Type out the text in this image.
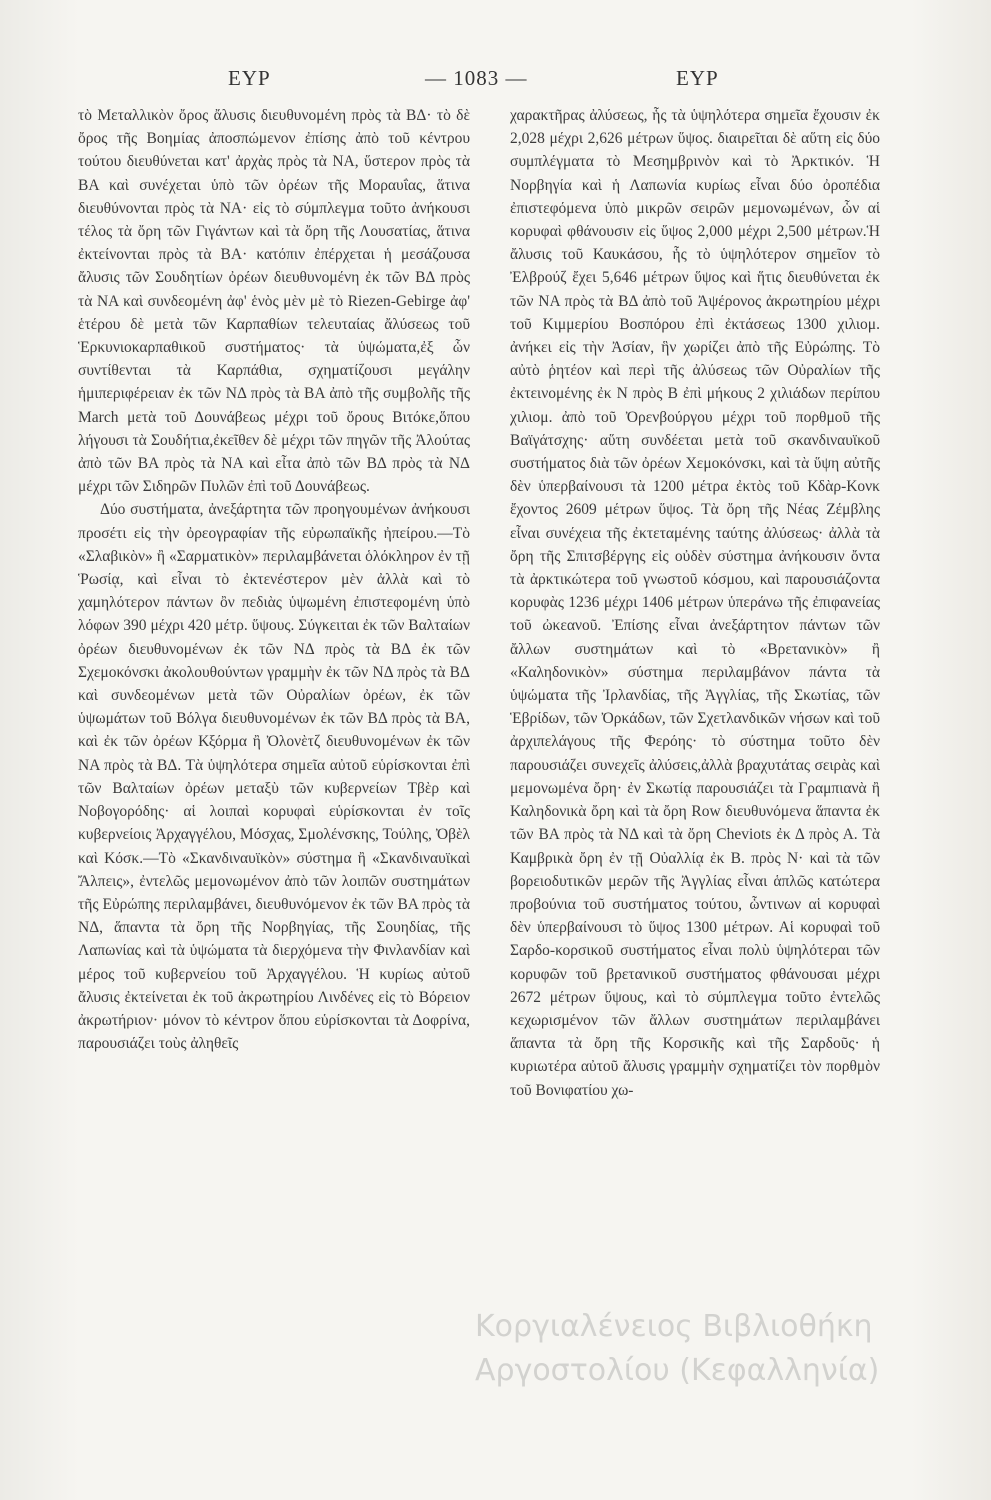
ΕΥΡ	— 1083 —	ΕΥΡ

τὸ Μεταλλικὸν ὄρος ἄλυσις διευθυνομένη πρὸς τὰ ΒΔ· τὸ δὲ ὄρος τῆς Βοημίας ἀποσπώμενον ἐπίσης ἀπὸ τοῦ κέντρου τούτου διευθύνεται κατ' ἀρχὰς πρὸς τὰ ΝΑ, ὕστερον πρὸς τὰ ΒΑ καὶ συνέχεται ὑπὸ τῶν ὀρέων τῆς Μοραυΐας, ἅτινα διευθύνονται πρὸς τὰ ΝΑ· εἰς τὸ σύμπλεγμα τοῦτο ἀνήκουσι τέλος τὰ ὄρη τῶν Γιγάντων καὶ τὰ ὄρη τῆς Λουσατίας, ἅτινα ἐκτείνονται πρὸς τὰ ΒΑ· κατόπιν ἐπέρχεται ἡ μεσάζουσα ἄλυσις τῶν Σουδητίων ὀρέων διευθυνομένη ἐκ τῶν ΒΔ πρὸς τὰ ΝΑ καὶ συνδεομένη ἀφ' ἑνὸς μὲν μὲ τὸ Riezen-Gebirge ἀφ' ἑτέρου δὲ μετὰ τῶν Καρπαθίων τελευταίας ἄλύσεως τοῦ Ἑρκυνιοκαρπαθικοῦ συστήματος· τὰ ὑψώματα,ἐξ ὧν συντίθενται τὰ Καρπάθια, σχηματίζουσι μεγάλην ἡμιπεριφέρειαν ἐκ τῶν ΝΔ πρὸς τὰ ΒΑ ἀπὸ τῆς συμβολῆς τῆς March μετὰ τοῦ Δουνάβεως μέχρι τοῦ ὄρους Βιτόκε,ὅπου λήγουσι τὰ Σουδήτια,ἐκεῖθεν δὲ μέχρι τῶν πηγῶν τῆς Ἀλούτας ἀπὸ τῶν ΒΑ πρὸς τὰ ΝΑ καὶ εἶτα ἀπὸ τῶν ΒΔ πρὸς τὰ ΝΔ μέχρι τῶν Σιδηρῶν Πυλῶν ἐπὶ τοῦ Δουνάβεως.

Δύο συστήματα, ἀνεξάρτητα τῶν προηγουμένων ἀνήκουσι προσέτι εἰς τὴν ὀρεογραφίαν τῆς εὐρωπαϊκῆς ἠπείρου.—Τὸ «Σλαβικὸν» ἢ «Σαρματικὸν» περιλαμβάνεται ὁλόκληρον ἐν τῇ Ῥωσίᾳ, καὶ εἶναι τὸ ἐκτενέστερον μὲν ἀλλὰ καὶ τὸ χαμηλότερον πάντων ὂν πεδιὰς ὑψωμένη ἐπιστεφομένη ὑπὸ λόφων 390 μέχρι 420 μέτρ. ὕψους. Σύγκειται ἐκ τῶν Βαλταίων ὀρέων διευθυνομένων ἐκ τῶν ΝΔ πρὸς τὰ ΒΔ ἐκ τῶν Σχεμοκόνσκι ἀκολουθούντων γραμμὴν ἐκ τῶν ΝΔ πρὸς τὰ ΒΔ καὶ συνδεομένων μετὰ τῶν Οὐραλίων ὀρέων, ἐκ τῶν ὑψωμάτων τοῦ Βόλγα διευθυνομένων ἐκ τῶν ΒΔ πρὸς τὰ ΒΑ, καὶ ἐκ τῶν ὀρέων Κξόρμα ἢ Ὀλονὲτζ διευθυνομένων ἐκ τῶν ΝΑ πρὸς τὰ ΒΔ. Τὰ ὑψηλότερα σημεῖα αὐτοῦ εὑρίσκονται ἐπὶ τῶν Βαλταίων ὀρέων μεταξὺ τῶν κυβερνείων Τβὲρ καὶ Νοβογορόδης· αἱ λοιπαὶ κορυφαὶ εὑρίσκονται ἐν τοῖς κυβερνείοις Ἀρχαγγέλου, Μόσχας, Σμολένσκης, Τούλης, Ὀβὲλ καὶ Κόσκ.—Τὸ «Σκανδιναυϊκὸν» σύστημα ἢ «Σκανδιναυϊκαὶ Ἄλπεις», ἐντελῶς μεμονωμένον ἀπὸ τῶν λοιπῶν συστημάτων τῆς Εὐρώπης περιλαμβάνει, διευθυνόμενον ἐκ τῶν ΒΑ πρὸς τὰ ΝΔ, ἅπαντα τὰ ὄρη τῆς Νορβηγίας, τῆς Σουηδίας, τῆς Λαπωνίας καὶ τὰ ὑψώματα τὰ διερχόμενα τὴν Φινλανδίαν καὶ μέρος τοῦ κυβερνείου τοῦ Ἀρχαγγέλου. Ἡ κυρίως αὐτοῦ ἄλυσις ἐκτείνεται ἐκ τοῦ ἀκρωτηρίου Λινδένες εἰς τὸ Βόρειον ἀκρωτήριον· μόνον τὸ κέντρον ὅπου εὑρίσκονται τὰ Δοφρίνα, παρουσιάζει τοὺς ἀληθεῖς

χαρακτῆρας ἀλύσεως, ἧς τὰ ὑψηλότερα σημεῖα ἔχουσιν ἐκ 2,028 μέχρι 2,626 μέτρων ὕψος. διαιρεῖται δὲ αὕτη εἰς δύο συμπλέγματα τὸ Μεσημβρινὸν καὶ τὸ Ἀρκτικόν. Ἡ Νορβηγία καὶ ἡ Λαπωνία κυρίως εἶναι δύο ὀροπέδια ἐπιστεφόμενα ὑπὸ μικρῶν σειρῶν μεμονωμένων, ὧν αἱ κορυφαὶ φθάνουσιν εἰς ὕψος 2,000 μέχρι 2,500 μέτρων.Ἡ ἄλυσις τοῦ Καυκάσου, ἧς τὸ ὑψηλότερον σημεῖον τὸ Ἐλβρούζ ἔχει 5,646 μέτρων ὕψος καὶ ἥτις διευθύνεται ἐκ τῶν ΝΑ πρὸς τὰ ΒΔ ἀπὸ τοῦ Ἀψέρονος ἀκρωτηρίου μέχρι τοῦ Κιμμερίου Βοσπόρου ἐπὶ ἐκτάσεως 1300 χιλιομ. ἀνήκει εἰς τὴν Ἀσίαν, ἣν χωρίζει ἀπὸ τῆς Εὐρώπης. Τὸ αὐτὸ ῥητέον καὶ περὶ τῆς ἀλύσεως τῶν Οὐραλίων τῆς ἐκτεινομένης ἐκ Ν πρὸς Β ἐπὶ μήκους 2 χιλιάδων περίπου χιλιομ. ἀπὸ τοῦ Ὀρενβούργου μέχρι τοῦ πορθμοῦ τῆς Βαϊγάτσχης· αὕτη συνδέεται μετὰ τοῦ σκανδιναυϊκοῦ συστήματος διὰ τῶν ὀρέων Χεμοκόνσκι, καὶ τὰ ὕψη αὐτῆς δὲν ὑπερβαίνουσι τὰ 1200 μέτρα ἐκτὸς τοῦ Κδὰρ-Κονκ ἔχοντος 2609 μέτρων ὕψος. Τὰ ὄρη τῆς Νέας Ζέμβλης εἶναι συνέχεια τῆς ἐκτεταμένης ταύτης ἀλύσεως· ἀλλὰ τὰ ὄρη τῆς Σπιτσβέργης εἰς οὐδὲν σύστημα ἀνήκουσιν ὄντα τὰ ἀρκτικώτερα τοῦ γνωστοῦ κόσμου, καὶ παρουσιάζοντα κορυφὰς 1236 μέχρι 1406 μέτρων ὑπεράνω τῆς ἐπιφανείας τοῦ ὠκεανοῦ. Ἐπίσης εἶναι ἀνεξάρτητον πάντων τῶν ἄλλων συστημάτων καὶ τὸ «Βρετανικὸν» ἢ «Καληδονικὸν» σύστημα περιλαμβάνον πάντα τὰ ὑψώματα τῆς Ἰρλανδίας, τῆς Ἀγγλίας, τῆς Σκωτίας, τῶν Ἑβρίδων, τῶν Ὀρκάδων, τῶν Σχετλανδικῶν νήσων καὶ τοῦ ἀρχιπελάγους τῆς Φερόης· τὸ σύστημα τοῦτο δὲν παρουσιάζει συνεχεῖς ἀλύσεις,ἀλλὰ βραχυτάτας σειρὰς καὶ μεμονωμένα ὄρη· ἐν Σκωτίᾳ παρουσιάζει τὰ Γραμπιανὰ ἢ Καληδονικὰ ὄρη καὶ τὰ ὄρη Row διευθυνόμενα ἅπαντα ἐκ τῶν ΒΑ πρὸς τὰ ΝΔ καὶ τὰ ὄρη Cheviots ἐκ Δ πρὸς Α. Τὰ Καμβρικὰ ὄρη ἐν τῇ Οὐαλλίᾳ ἐκ Β. πρὸς Ν· καὶ τὰ τῶν βορειοδυτικῶν μερῶν τῆς Ἀγγλίας εἶναι ἁπλῶς κατώτερα προβούνια τοῦ συστήματος τούτου, ὧντινων αἱ κορυφαὶ δὲν ὑπερβαίνουσι τὸ ὕψος 1300 μέτρων. Αἱ κορυφαὶ τοῦ Σαρδο-κορσικοῦ συστήματος εἶναι πολὺ ὑψηλότεραι τῶν κορυφῶν τοῦ βρετανικοῦ συστήματος φθάνουσαι μέχρι 2672 μέτρων ὕψους, καὶ τὸ σύμπλεγμα τοῦτο ἐντελῶς κεχωρισμένον τῶν ἄλλων συστημάτων περιλαμβάνει ἅπαντα τὰ ὄρη τῆς Κορσικῆς καὶ τῆς Σαρδοῦς· ἡ κυριωτέρα αὐτοῦ ἄλυσις γραμμὴν σχηματίζει τὸν πορθμὸν τοῦ Βονιφατίου χω-

Κοργιαλένειος Βιβλιοθήκη
Αργοστολίου (Κεφαλληνία)
